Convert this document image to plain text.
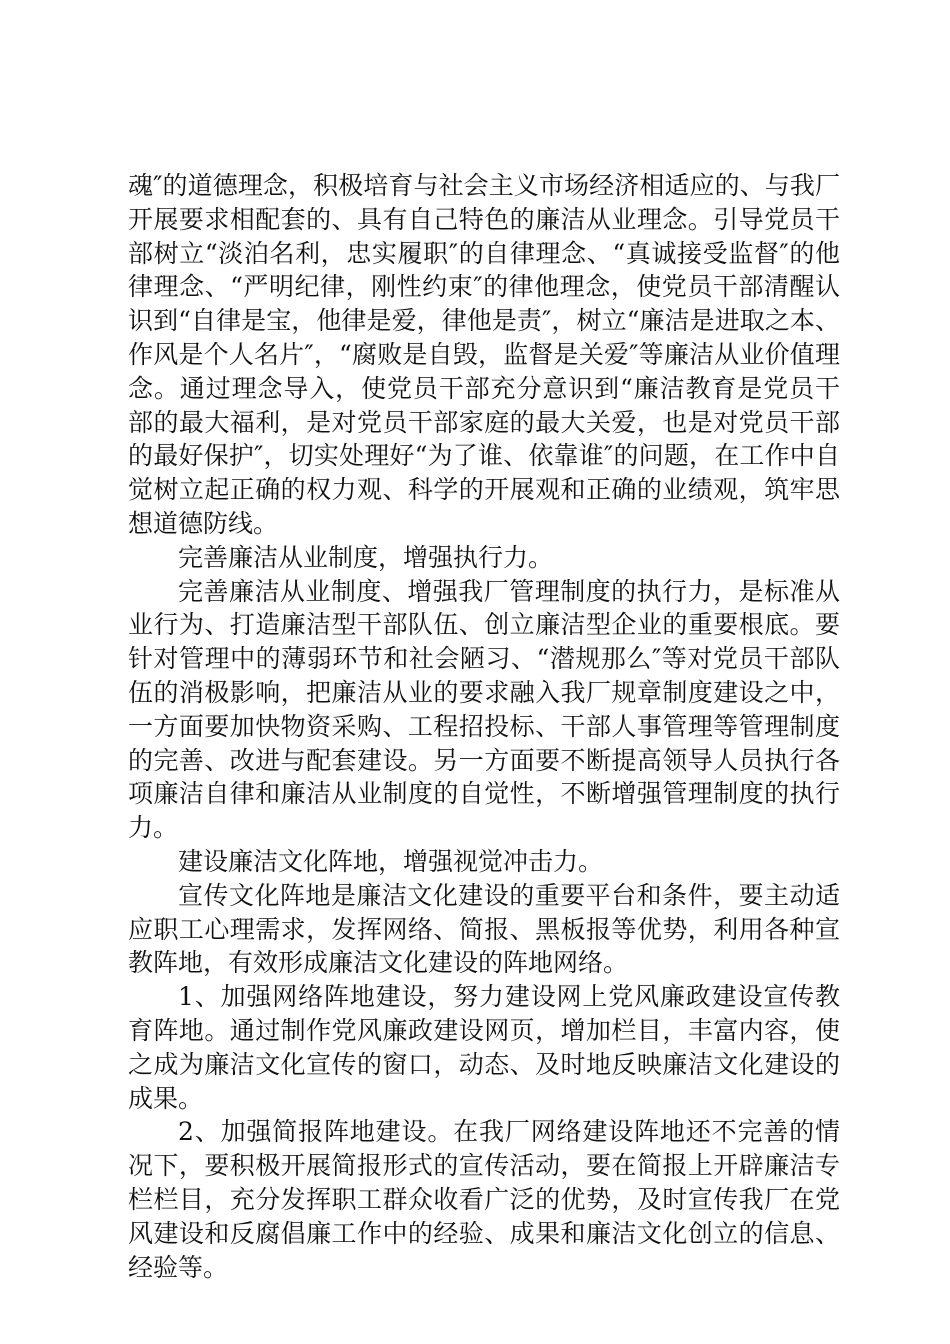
魂″的道德理念，积极培育与社会主义市场经济相适应的、与我厂开展要求相配套的、具有自己特色的廉洁从业理念。引导党员干部树立“淡泊名利，忠实履职″的自律理念、“真诚接受监督″的他律理念、“严明纪律，刚性约束″的律他理念，使党员干部清醒认识到“自律是宝，他律是爱，律他是责″，树立“廉洁是进取之本、作风是个人名片″，“腐败是自毁，监督是关爱″等廉洁从业价值理念。通过理念导入，使党员干部充分意识到“廉洁教育是党员干部的最大福利，是对党员干部家庭的最大关爱，也是对党员干部的最好保护″，切实处理好“为了谁、依靠谁″的问题，在工作中自觉树立起正确的权力观、科学的开展观和正确的业绩观，筑牢思想道德防线。

完善廉洁从业制度，增强执行力。

完善廉洁从业制度、增强我厂管理制度的执行力，是标准从业行为、打造廉洁型干部队伍、创立廉洁型企业的重要根底。要针对管理中的薄弱环节和社会陋习、“潜规那么″等对党员干部队伍的消极影响，把廉洁从业的要求融入我厂规章制度建设之中，一方面要加快物资采购、工程招投标、干部人事管理等管理制度的完善、改进与配套建设。另一方面要不断提高领导人员执行各项廉洁自律和廉洁从业制度的自觉性，不断增强管理制度的执行力。

建设廉洁文化阵地，增强视觉冲击力。

宣传文化阵地是廉洁文化建设的重要平台和条件，要主动适应职工心理需求，发挥网络、简报、黑板报等优势，利用各种宣教阵地，有效形成廉洁文化建设的阵地网络。

1、加强网络阵地建设，努力建设网上党风廉政建设宣传教育阵地。通过制作党风廉政建设网页，增加栏目，丰富内容，使之成为廉洁文化宣传的窗口，动态、及时地反映廉洁文化建设的成果。

2、加强简报阵地建设。在我厂网络建设阵地还不完善的情况下，要积极开展简报形式的宣传活动，要在简报上开辟廉洁专栏栏目，充分发挥职工群众收看广泛的优势，及时宣传我厂在党风建设和反腐倡廉工作中的经验、成果和廉洁文化创立的信息、经验等。
